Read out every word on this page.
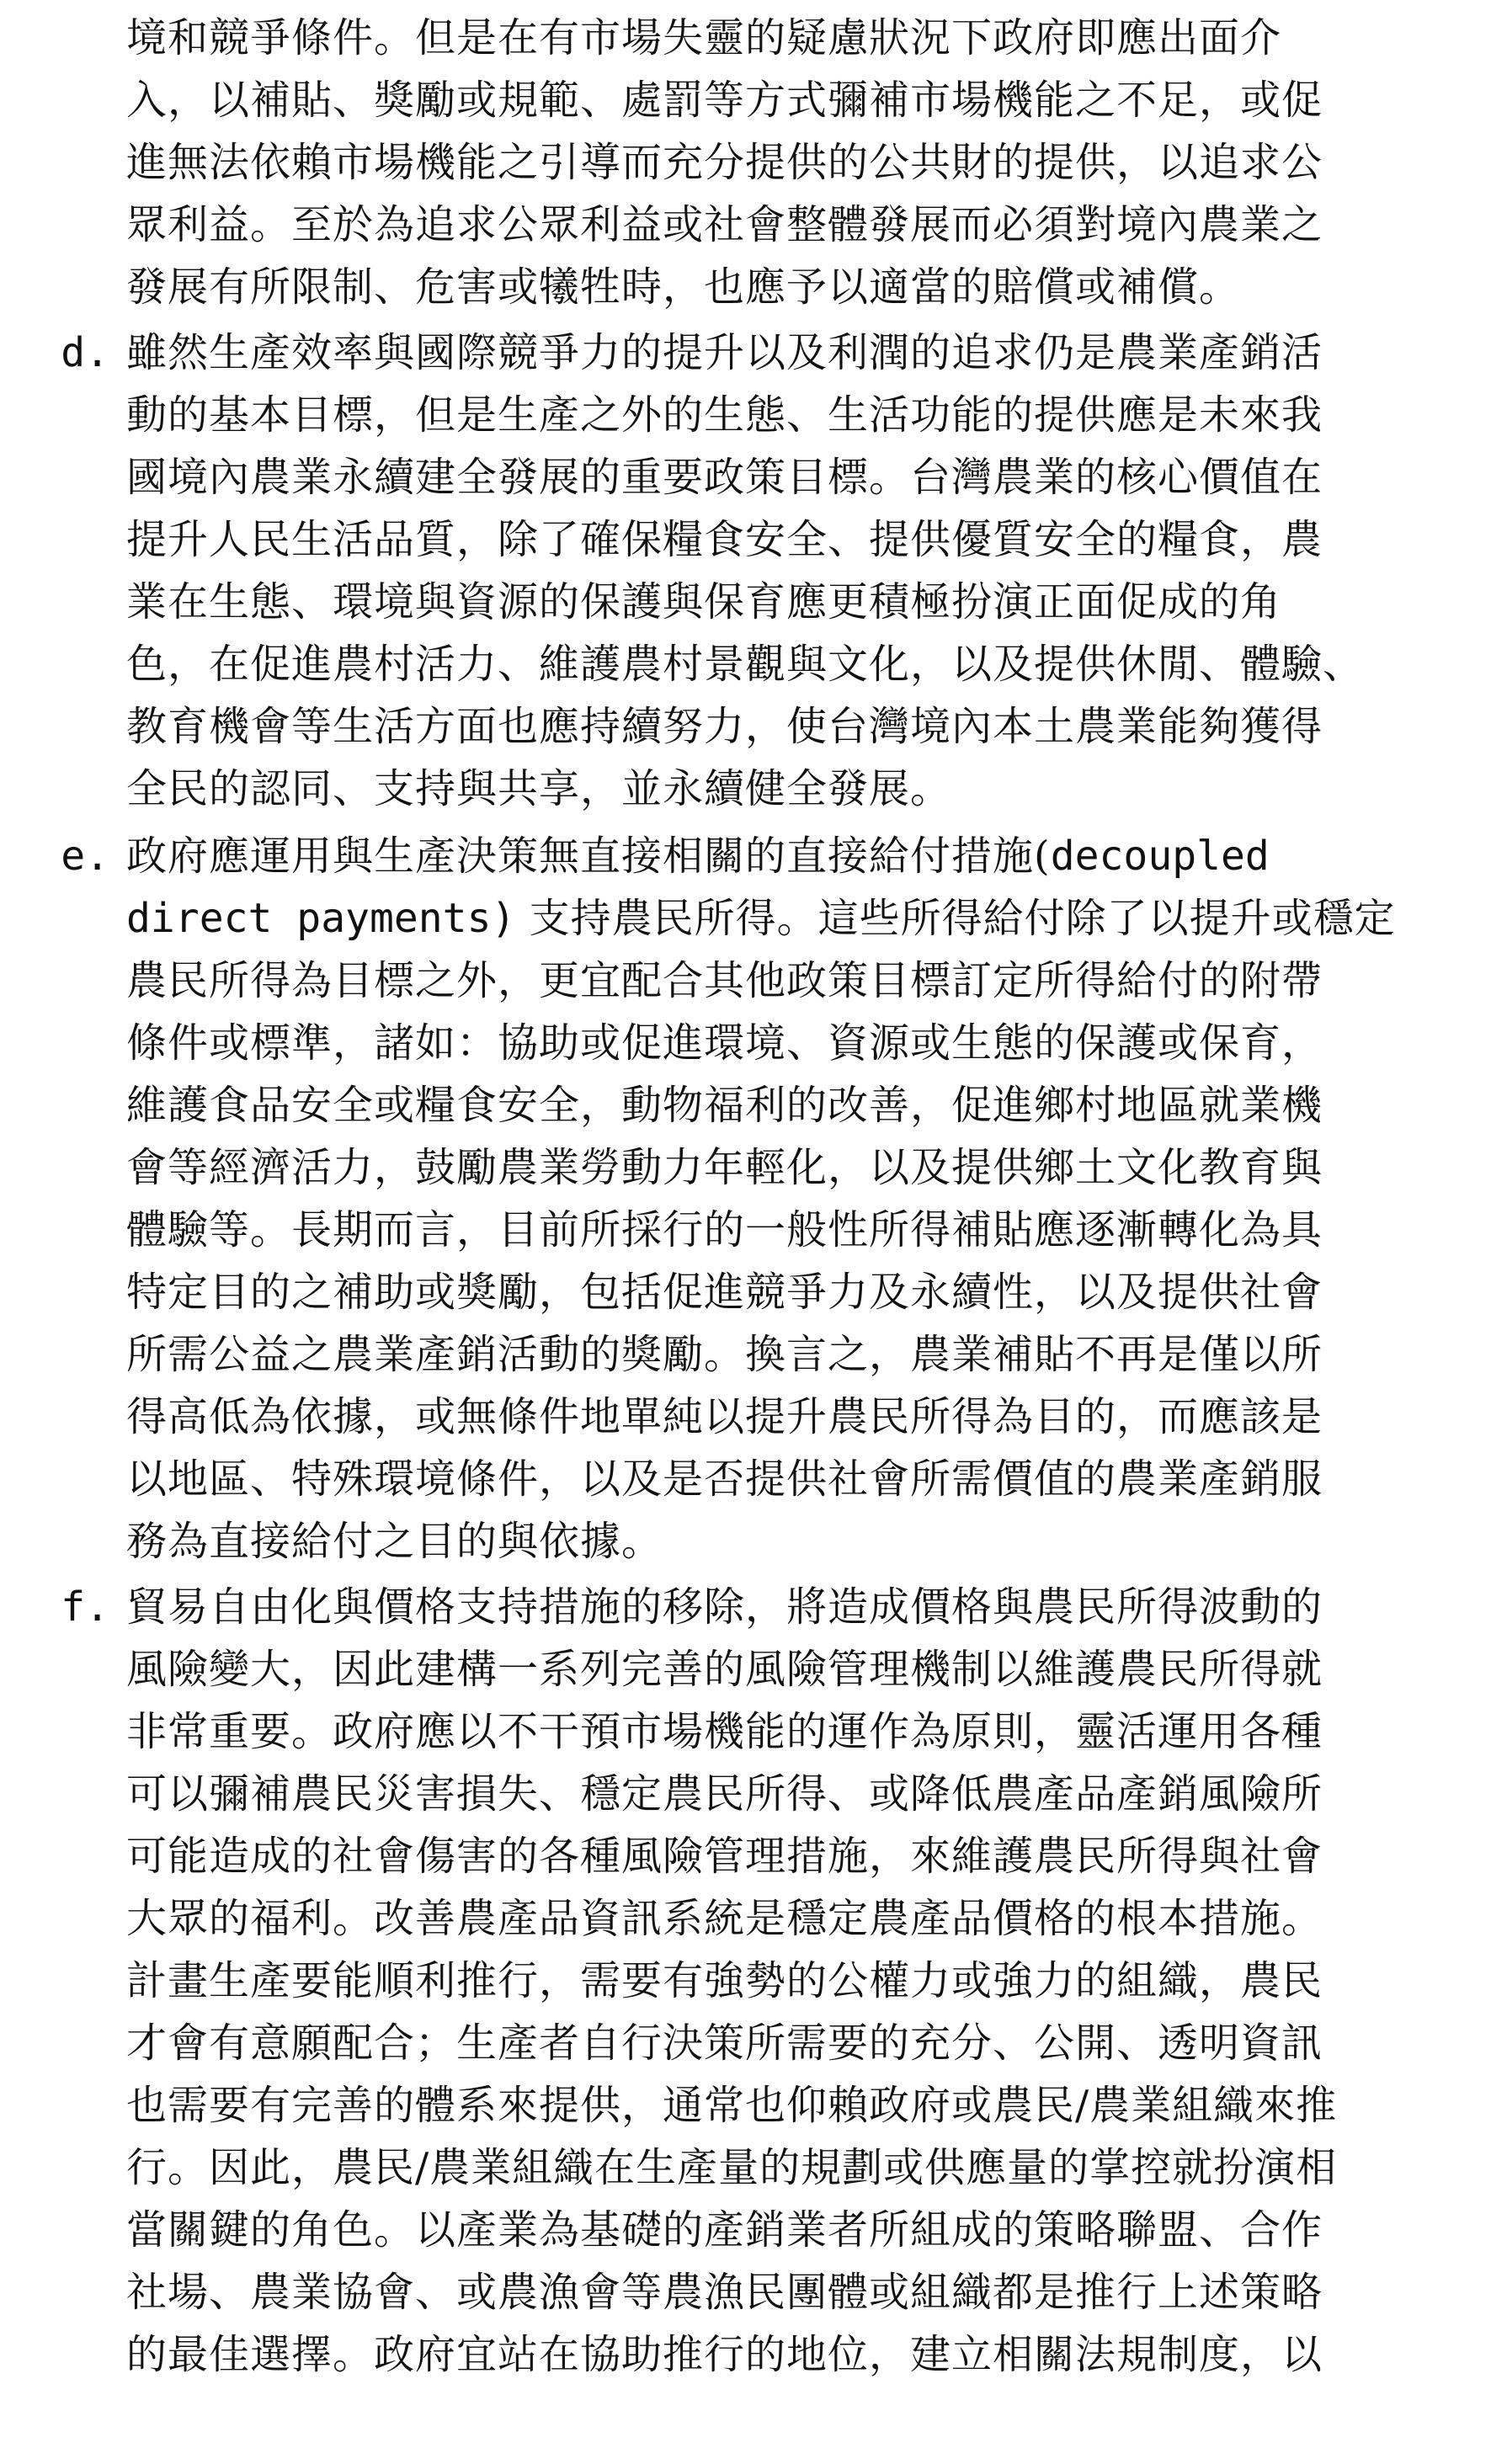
境和競爭條件。但是在有市場失靈的疑慮狀況下政府即應出面介
入，以補貼、獎勵或規範、處罰等方式彌補市場機能之不足，或促
進無法依賴市場機能之引導而充分提供的公共財的提供，以追求公
眾利益。至於為追求公眾利益或社會整體發展而必須對境內農業之
發展有所限制、危害或犧牲時，也應予以適當的賠償或補償。
d. 雖然生產效率與國際競爭力的提升以及利潤的追求仍是農業產銷活
動的基本目標，但是生產之外的生態、生活功能的提供應是未來我
國境內農業永續建全發展的重要政策目標。台灣農業的核心價值在
提升人民生活品質，除了確保糧食安全、提供優質安全的糧食，農
業在生態、環境與資源的保護與保育應更積極扮演正面促成的角
色，在促進農村活力、維護農村景觀與文化，以及提供休閒、體驗、
教育機會等生活方面也應持續努力，使台灣境內本土農業能夠獲得
全民的認同、支持與共享，並永續健全發展。
e. 政府應運用與生產決策無直接相關的直接給付措施(decoupled
direct payments) 支持農民所得。這些所得給付除了以提升或穩定
農民所得為目標之外，更宜配合其他政策目標訂定所得給付的附帶
條件或標準，諸如：協助或促進環境、資源或生態的保護或保育，
維護食品安全或糧食安全，動物福利的改善，促進鄉村地區就業機
會等經濟活力，鼓勵農業勞動力年輕化，以及提供鄉土文化教育與
體驗等。長期而言，目前所採行的一般性所得補貼應逐漸轉化為具
特定目的之補助或獎勵，包括促進競爭力及永續性，以及提供社會
所需公益之農業產銷活動的獎勵。換言之，農業補貼不再是僅以所
得高低為依據，或無條件地單純以提升農民所得為目的，而應該是
以地區、特殊環境條件，以及是否提供社會所需價值的農業產銷服
務為直接給付之目的與依據。
f. 貿易自由化與價格支持措施的移除，將造成價格與農民所得波動的
風險變大，因此建構一系列完善的風險管理機制以維護農民所得就
非常重要。政府應以不干預市場機能的運作為原則，靈活運用各種
可以彌補農民災害損失、穩定農民所得、或降低農產品產銷風險所
可能造成的社會傷害的各種風險管理措施，來維護農民所得與社會
大眾的福利。改善農產品資訊系統是穩定農產品價格的根本措施。
計畫生產要能順利推行，需要有強勢的公權力或強力的組織，農民
才會有意願配合；生產者自行決策所需要的充分、公開、透明資訊
也需要有完善的體系來提供，通常也仰賴政府或農民/農業組織來推
行。因此，農民/農業組織在生產量的規劃或供應量的掌控就扮演相
當關鍵的角色。以產業為基礎的產銷業者所組成的策略聯盟、合作
社場、農業協會、或農漁會等農漁民團體或組織都是推行上述策略
的最佳選擇。政府宜站在協助推行的地位，建立相關法規制度，以
